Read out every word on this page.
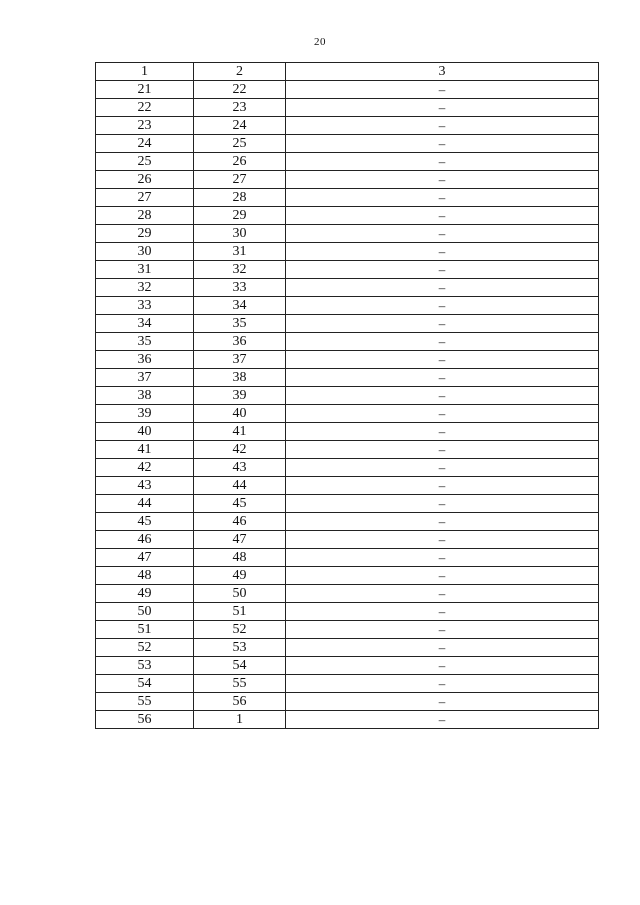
20
1	2	3
21	22	–
22	23	–
23	24	–
24	25	–
25	26	–
26	27	–
27	28	–
28	29	–
29	30	–
30	31	–
31	32	–
32	33	–
33	34	–
34	35	–
35	36	–
36	37	–
37	38	–
38	39	–
39	40	–
40	41	–
41	42	–
42	43	–
43	44	–
44	45	–
45	46	–
46	47	–
47	48	–
48	49	–
49	50	–
50	51	–
51	52	–
52	53	–
53	54	–
54	55	–
55	56	–
56	1	–
